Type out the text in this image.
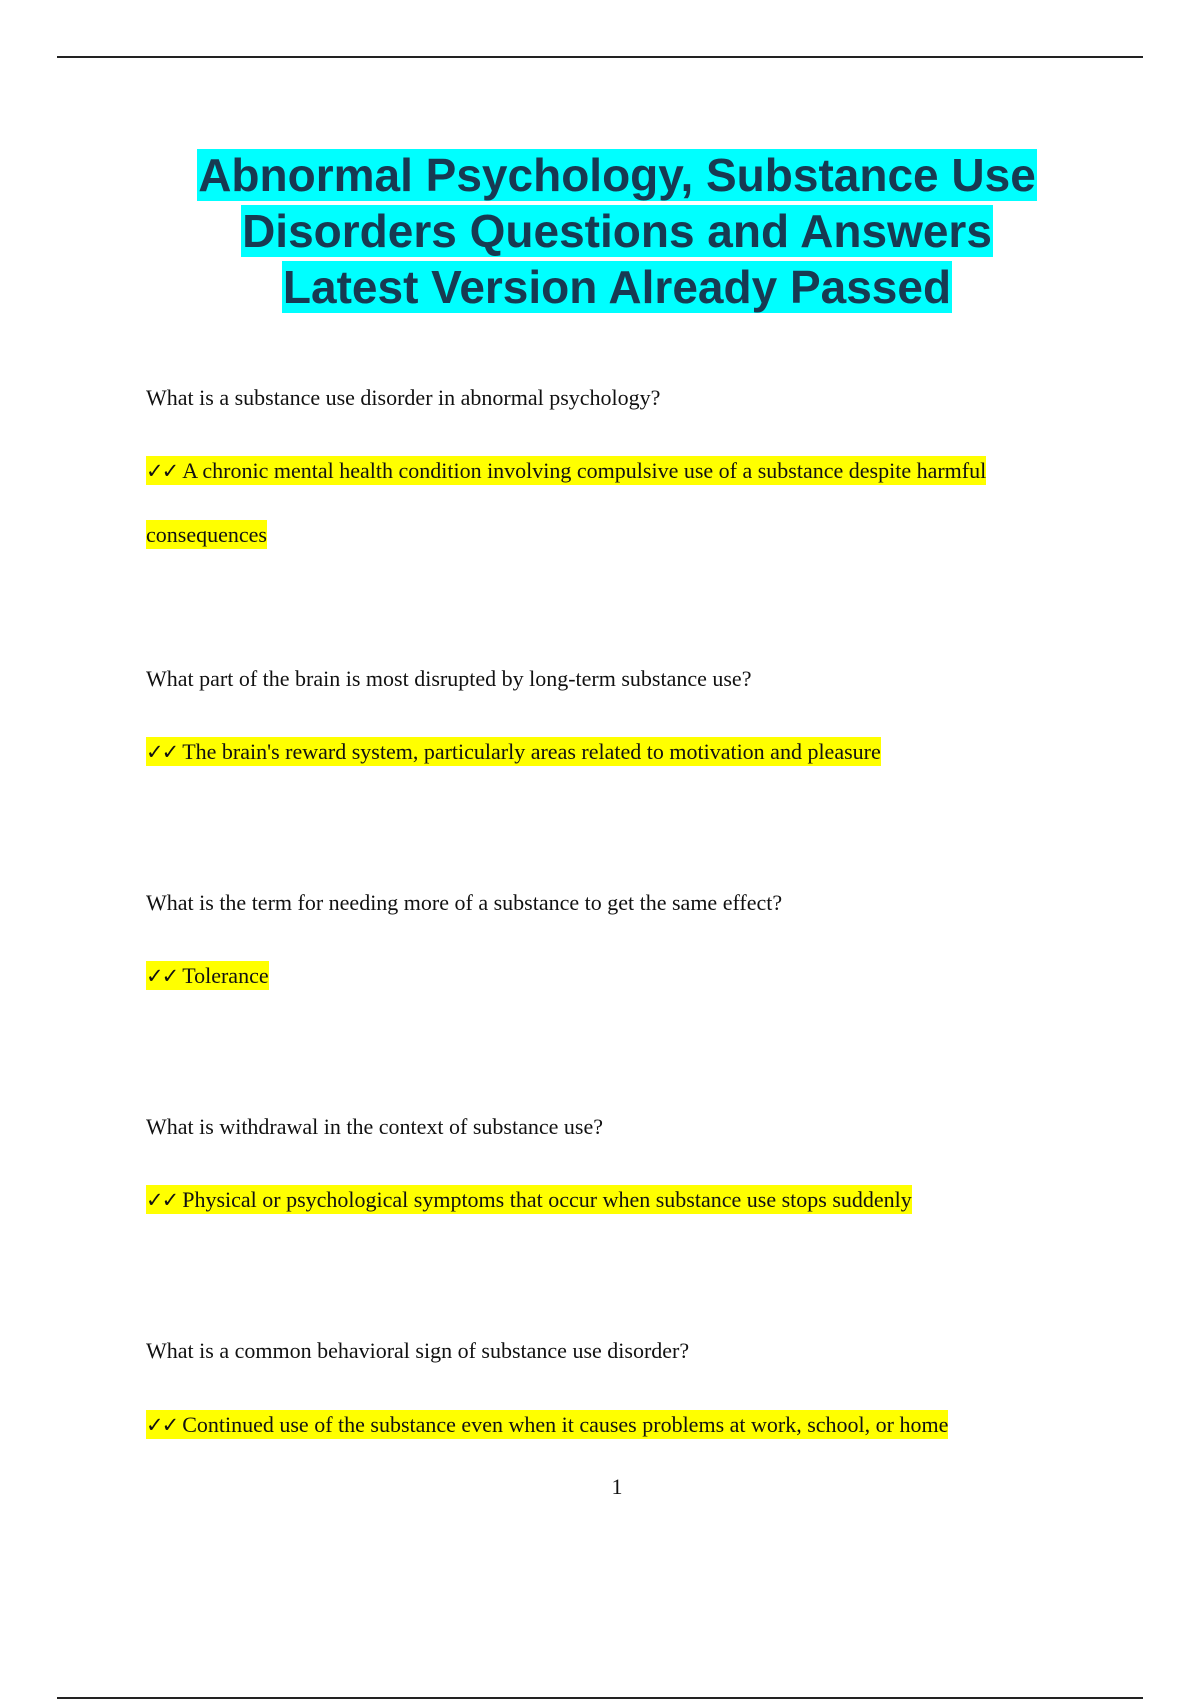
Abnormal Psychology, Substance Use
Disorders Questions and Answers
Latest Version Already Passed
What is a substance use disorder in abnormal psychology?
✓✓ A chronic mental health condition involving compulsive use of a substance despite harmful consequences
What part of the brain is most disrupted by long-term substance use?
✓✓ The brain's reward system, particularly areas related to motivation and pleasure
What is the term for needing more of a substance to get the same effect?
✓✓ Tolerance
What is withdrawal in the context of substance use?
✓✓ Physical or psychological symptoms that occur when substance use stops suddenly
What is a common behavioral sign of substance use disorder?
✓✓ Continued use of the substance even when it causes problems at work, school, or home
1
